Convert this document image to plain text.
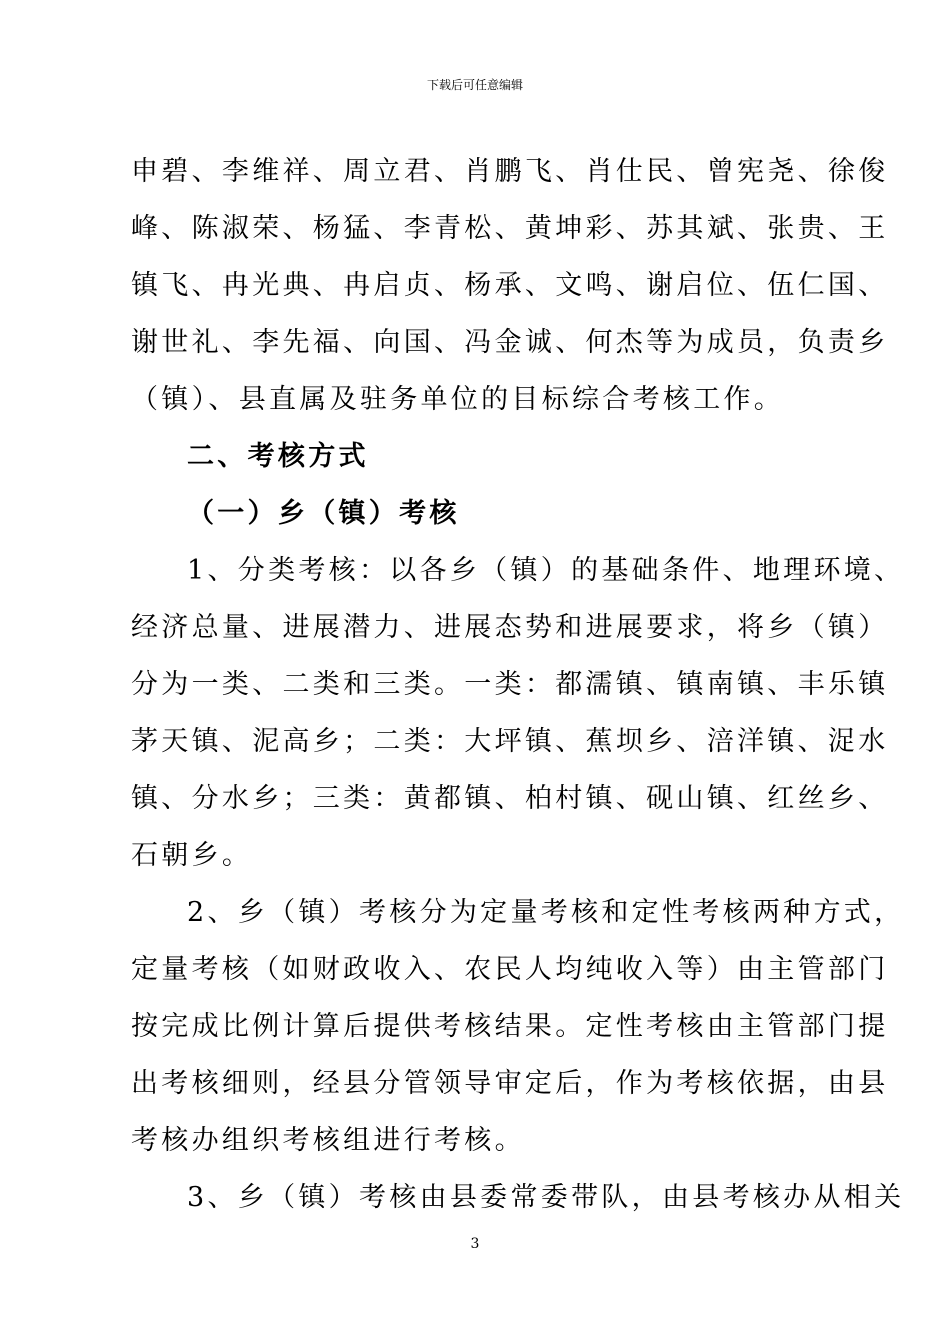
下载后可任意编辑
申碧、李维祥、周立君、肖鹏飞、肖仕民、曾宪尧、徐俊
峰、陈淑荣、杨猛、李青松、黄坤彩、苏其斌、张贵、王
镇飞、冉光典、冉启贞、杨承、文鸣、谢启位、伍仁国、
谢世礼、李先福、向国、冯金诚、何杰等为成员，负责乡
（镇）、县直属及驻务单位的目标综合考核工作。
二、考核方式
（一）乡（镇）考核
1、分类考核：以各乡（镇）的基础条件、地理环境、
经济总量、进展潜力、进展态势和进展要求，将乡（镇）
分为一类、二类和三类。一类：都濡镇、镇南镇、丰乐镇
茅天镇、泥高乡；二类：大坪镇、蕉坝乡、涪洋镇、浞水
镇、分水乡；三类：黄都镇、柏村镇、砚山镇、红丝乡、
石朝乡。
2、乡（镇）考核分为定量考核和定性考核两种方式，
定量考核（如财政收入、农民人均纯收入等）由主管部门
按完成比例计算后提供考核结果。定性考核由主管部门提
出考核细则，经县分管领导审定后，作为考核依据，由县
考核办组织考核组进行考核。
3、乡（镇）考核由县委常委带队，由县考核办从相关
3
